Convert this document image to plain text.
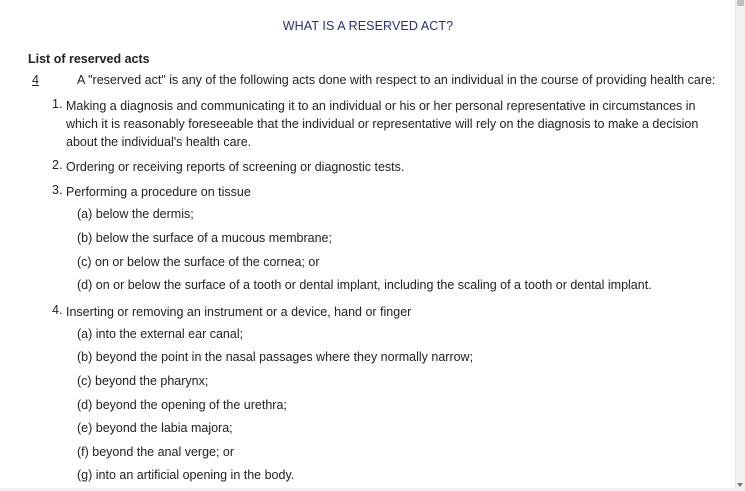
WHAT IS A RESERVED ACT?
List of reserved acts
4	A "reserved act" is any of the following acts done with respect to an individual in the course of providing health care:
1. Making a diagnosis and communicating it to an individual or his or her personal representative in circumstances in
which it is reasonably foreseeable that the individual or representative will rely on the diagnosis to make a decision
about the individual's health care.
2. Ordering or receiving reports of screening or diagnostic tests.
3. Performing a procedure on tissue
(a) below the dermis;
(b) below the surface of a mucous membrane;
(c) on or below the surface of the cornea; or
(d) on or below the surface of a tooth or dental implant, including the scaling of a tooth or dental implant.
4. Inserting or removing an instrument or a device, hand or finger
(a) into the external ear canal;
(b) beyond the point in the nasal passages where they normally narrow;
(c) beyond the pharynx;
(d) beyond the opening of the urethra;
(e) beyond the labia majora;
(f) beyond the anal verge; or
(g) into an artificial opening in the body.
